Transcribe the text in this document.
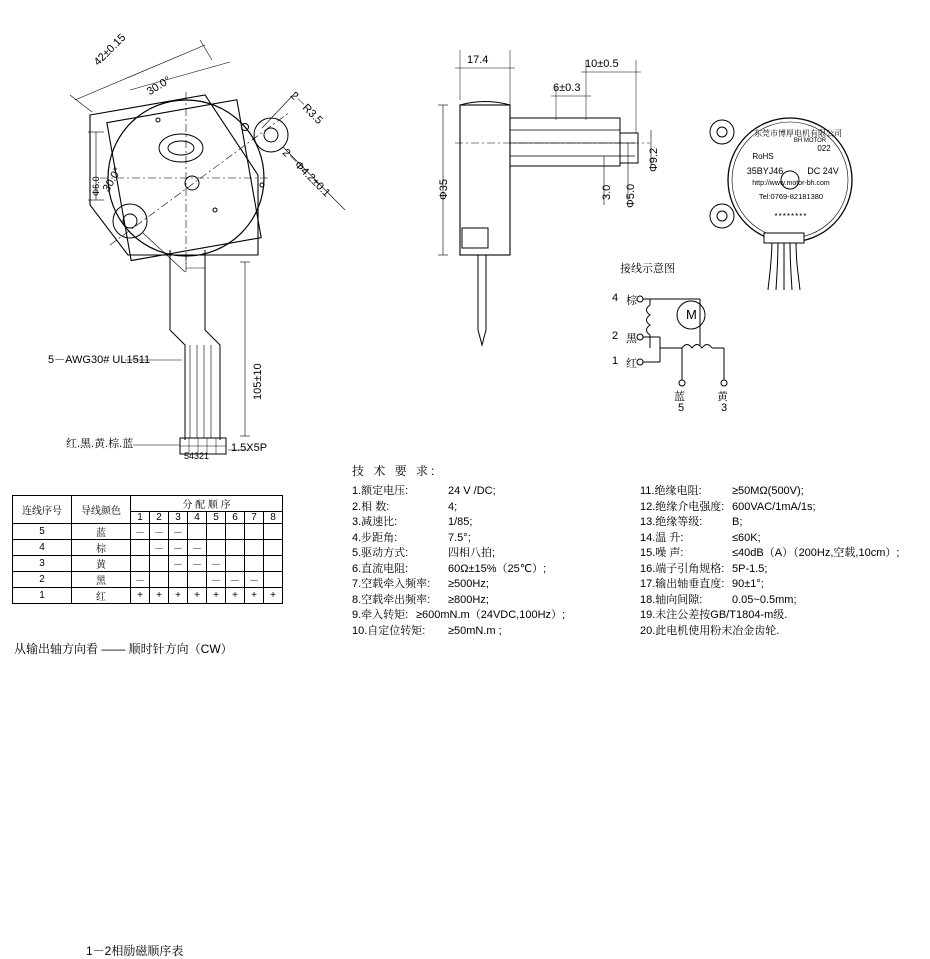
42±0.15
30.0°
30.0°
2－R3.5
2－Φ4.2±0.1
Φ6.0
5－AWG30# UL1511
105±10
红.黑.黄.棕.蓝
54321
1.5X5P
17.4	10±0.5
6±0.3
Φ35
Φ9.2
Φ5.0
3.0
东莞市博厚电机有限公司
BH MOTOR
RoHS
022
35BYJ46	DC 24V
http://www.motor-bh.com
Tel:0769-82181380
********
接线示意图
4 棕
2 黑
1 红
M
蓝
5
黄
3
1－2相励磁顺序表
连线序号	导线颜色	分 配 顺 序							
		1	2	3	4	5	6	7	8
5	蓝	－	－	－					
4	棕		－	－	－				
3	黄			－	－	－			
2	黑	－				－	－	－	
1	红	+	+	+	+	+	+	+	+
从输出轴方向看 —— 顺时针方向（CW）
技 术 要 求:
1.额定电压:	24 V /DC;
2.相 数:	4;
3.减速比:	1/85;
4.步距角:	7.5°;
5.驱动方式:	四相八拍;
6.直流电阻:	60Ω±15%（25℃）;
7.空载牵入频率:	≥500Hz;
8.空载牵出频率:	≥800Hz;
9.牵入转矩: ≥600mN.m（24VDC,100Hz）;
10.自定位转矩:	≥50mN.m ;
11.绝缘电阻:	≥50MΩ(500V);
12.绝缘介电强度: 600VAC/1mA/1s;
13.绝缘等级:	B;
14.温 升:	≤60K;
15.噪 声:	≤40dB（A）（200Hz,空载,10cm）;
16.端子引角规格: 5P-1.5;
17.输出轴垂直度: 90±1°;
18.轴向间隙:	0.05~0.5mm;
19.未注公差按GB/T1804-m级.
20.此电机使用粉末冶金齿轮.
